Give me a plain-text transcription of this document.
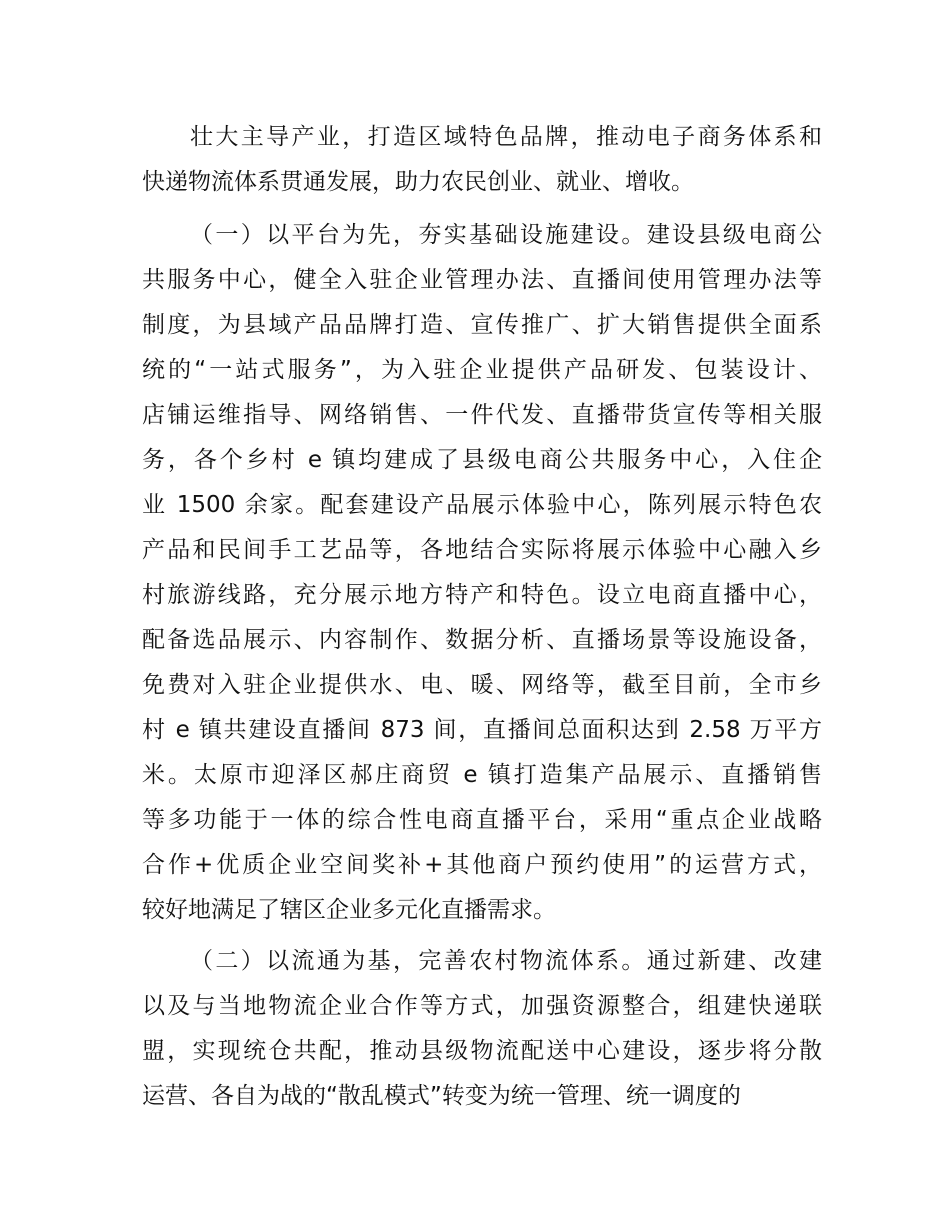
壮大主导产业，打造区域特色品牌，推动电子商务体系和
快递物流体系贯通发展，助力农民创业、就业、增收。
（一）以平台为先，夯实基础设施建设。建设县级电商公
共服务中心，健全入驻企业管理办法、直播间使用管理办法等
制度，为县域产品品牌打造、宣传推广、扩大销售提供全面系
统的“一站式服务”，为入驻企业提供产品研发、包装设计、
店铺运维指导、网络销售、一件代发、直播带货宣传等相关服
务，各个乡村 e 镇均建成了县级电商公共服务中心，入住企
业 1500 余家。配套建设产品展示体验中心，陈列展示特色农
产品和民间手工艺品等，各地结合实际将展示体验中心融入乡
村旅游线路，充分展示地方特产和特色。设立电商直播中心，
配备选品展示、内容制作、数据分析、直播场景等设施设备，
免费对入驻企业提供水、电、暖、网络等，截至目前，全市乡
村 e 镇共建设直播间 873 间，直播间总面积达到 2.58 万平方
米。太原市迎泽区郝庄商贸 e 镇打造集产品展示、直播销售
等多功能于一体的综合性电商直播平台，采用“重点企业战略
合作+优质企业空间奖补+其他商户预约使用”的运营方式，
较好地满足了辖区企业多元化直播需求。
（二）以流通为基，完善农村物流体系。通过新建、改建
以及与当地物流企业合作等方式，加强资源整合，组建快递联
盟，实现统仓共配，推动县级物流配送中心建设，逐步将分散
运营、各自为战的“散乱模式”转变为统一管理、统一调度的
